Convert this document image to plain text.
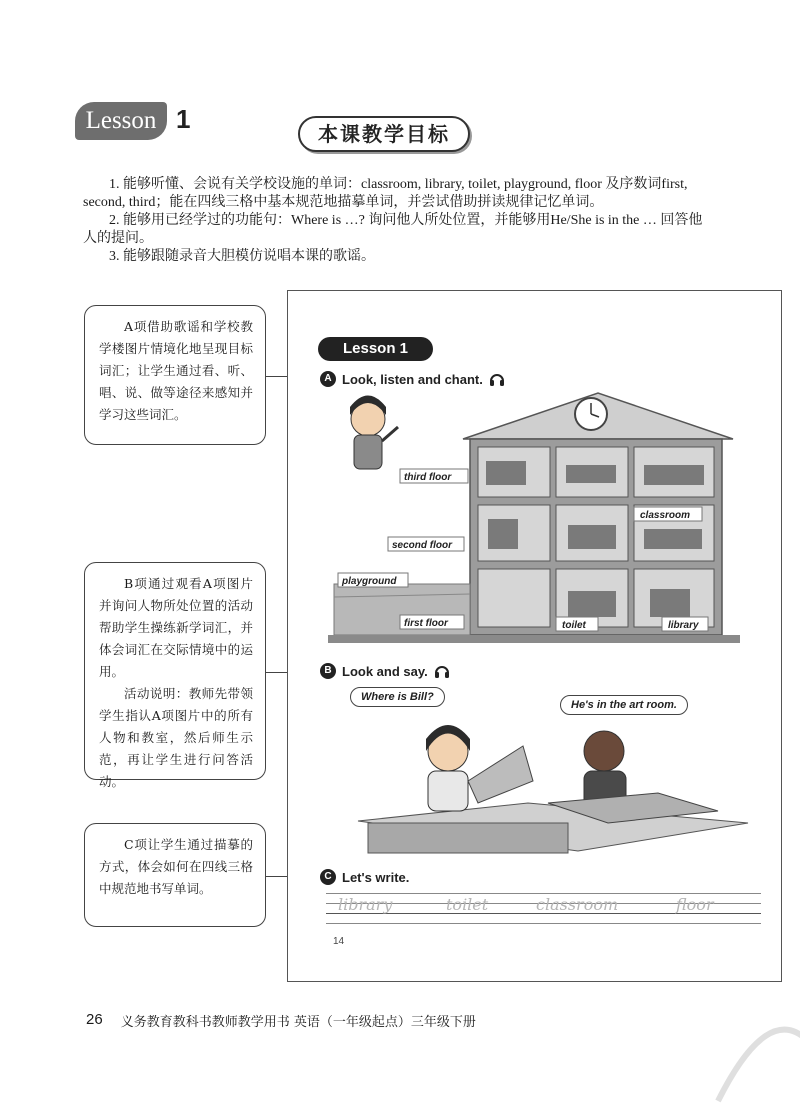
Lesson 1	本课教学目标

1. 能够听懂、会说有关学校设施的单词：classroom, library, toilet, playground, floor 及序数词first, second, third；能在四线三格中基本规范地描摹单词，并尝试借助拼读规律记忆单词。

2. 能够用已经学过的功能句：Where is …? 询问他人所处位置，并能够用He/She is in the … 回答他人的提问。

3. 能够跟随录音大胆模仿说唱本课的歌谣。

A项借助歌谣和学校教学楼图片情境化地呈现目标词汇；让学生通过看、听、唱、说、做等途径来感知并学习这些词汇。

B项通过观看A项图片并询问人物所处位置的活动帮助学生操练新学词汇，并体会词汇在交际情境中的运用。

活动说明：教师先带领学生指认A项图片中的所有人物和教室，然后师生示范，再让学生进行问答活动。

C项让学生通过描摹的方式，体会如何在四线三格中规范地书写单词。

Lesson 1
A Look, listen and chant.
third floor
second floor
playground
first floor
classroom
toilet	library
B Look and say.
Where is Bill?
He's in the art room.
C Let's write.
library	toilet	classroom	floor
14
26 义务教育教科书教师教学用书 英语（一年级起点）三年级下册
